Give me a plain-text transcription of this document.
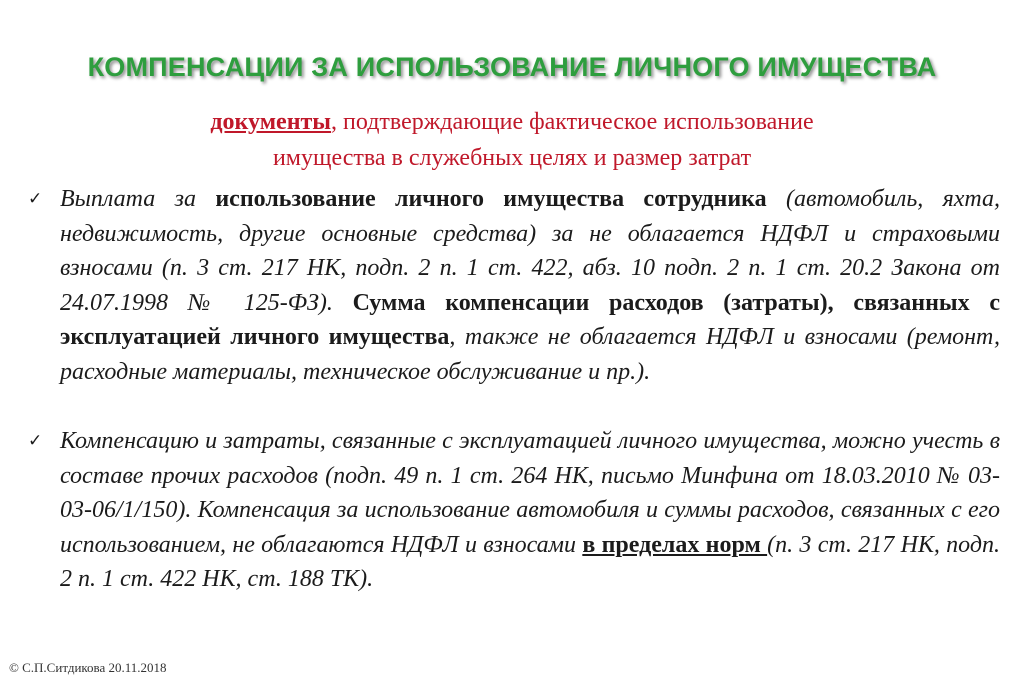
КОМПЕНСАЦИИ ЗА ИСПОЛЬЗОВАНИЕ ЛИЧНОГО ИМУЩЕСТВА
документы, подтверждающие фактическое использование
имущества в служебных целях и размер затрат
✓ Выплата за использование личного имущества сотрудника (автомобиль, яхта, недвижимость, другие основные средства) за не облагается НДФЛ и страховыми взносами (п. 3 ст. 217 НК, подп. 2 п. 1 ст. 422, абз. 10 подп. 2 п. 1 ст. 20.2 Закона от 24.07.1998 № 125-ФЗ). Сумма компенсации расходов (затраты), связанных с эксплуатацией личного имущества, также не облагается НДФЛ и взносами (ремонт, расходные материалы, техническое обслуживание и пр.).
✓ Компенсацию и затраты, связанные с эксплуатацией личного имущества, можно учесть в составе прочих расходов (подп. 49 п. 1 ст. 264 НК, письмо Минфина от 18.03.2010 № 03-03-06/1/150). Компенсация за использование автомобиля и суммы расходов, связанных с его использованием, не облагаются НДФЛ и взносами в пределах норм (п. 3 ст. 217 НК, подп. 2 п. 1 ст. 422 НК, ст. 188 ТК).
© С.П.Ситдикова 20.11.2018
